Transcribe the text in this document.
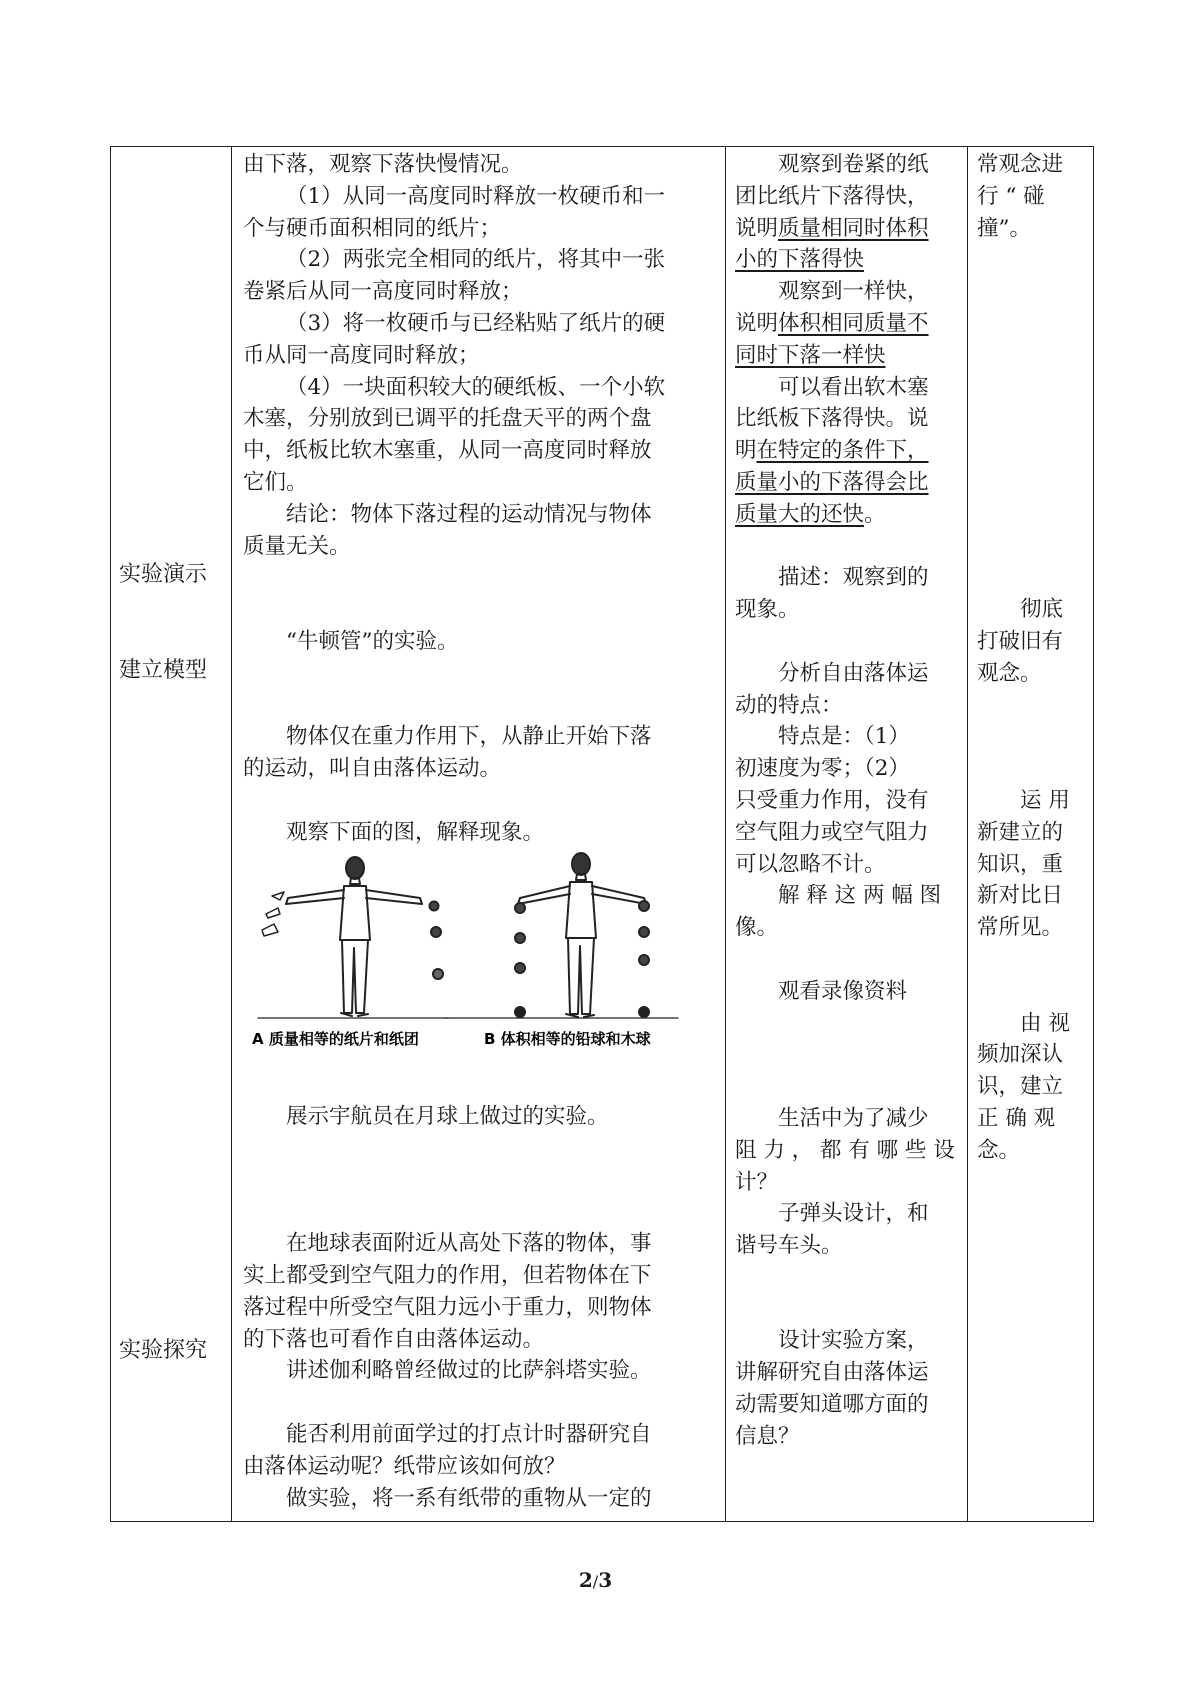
实验演示
建立模型
实验探究
由下落，观察下落快慢情况。
（1）从同一高度同时释放一枚硬币和一
个与硬币面积相同的纸片；
（2）两张完全相同的纸片，将其中一张
卷紧后从同一高度同时释放；
（3）将一枚硬币与已经粘贴了纸片的硬
币从同一高度同时释放；
（4）一块面积较大的硬纸板、一个小软
木塞，分别放到已调平的托盘天平的两个盘
中，纸板比软木塞重，从同一高度同时释放
它们。
结论：物体下落过程的运动情况与物体
质量无关。
“牛顿管”的实验。
物体仅在重力作用下，从静止开始下落
的运动，叫自由落体运动。
观察下面的图，解释现象。
展示宇航员在月球上做过的实验。
在地球表面附近从高处下落的物体，事
实上都受到空气阻力的作用，但若物体在下
落过程中所受空气阻力远小于重力，则物体
的下落也可看作自由落体运动。
讲述伽利略曾经做过的比萨斜塔实验。
能否利用前面学过的打点计时器研究自
由落体运动呢？纸带应该如何放？
做实验，将一系有纸带的重物从一定的
观察到卷紧的纸
团比纸片下落得快，
说明质量相同时体积
小的下落得快
观察到一样快，
说明体积相同质量不
同时下落一样快
可以看出软木塞
比纸板下落得快。说
明在特定的条件下，
质量小的下落得会比
质量大的还快。
描述：观察到的
现象。
分析自由落体运
动的特点：
特点是：（1）
初速度为零；（2）
只受重力作用，没有
空气阻力或空气阻力
可以忽略不计。
解 释 这 两 幅 图
像。
观看录像资料
生活中为了减少
阻 力 ， 都 有 哪 些 设
计？
子弹头设计，和
谐号车头。
设计实验方案，
讲解研究自由落体运
动需要知道哪方面的
信息？
常观念进
行 “ 碰
撞”。
彻底
打破旧有
观念。
运 用
新建立的
知识，重
新对比日
常所见。
由 视
频加深认
识，建立
正 确 观
念。
A 质量相等的纸片和纸团	B 体积相等的铅球和木球
2/3
